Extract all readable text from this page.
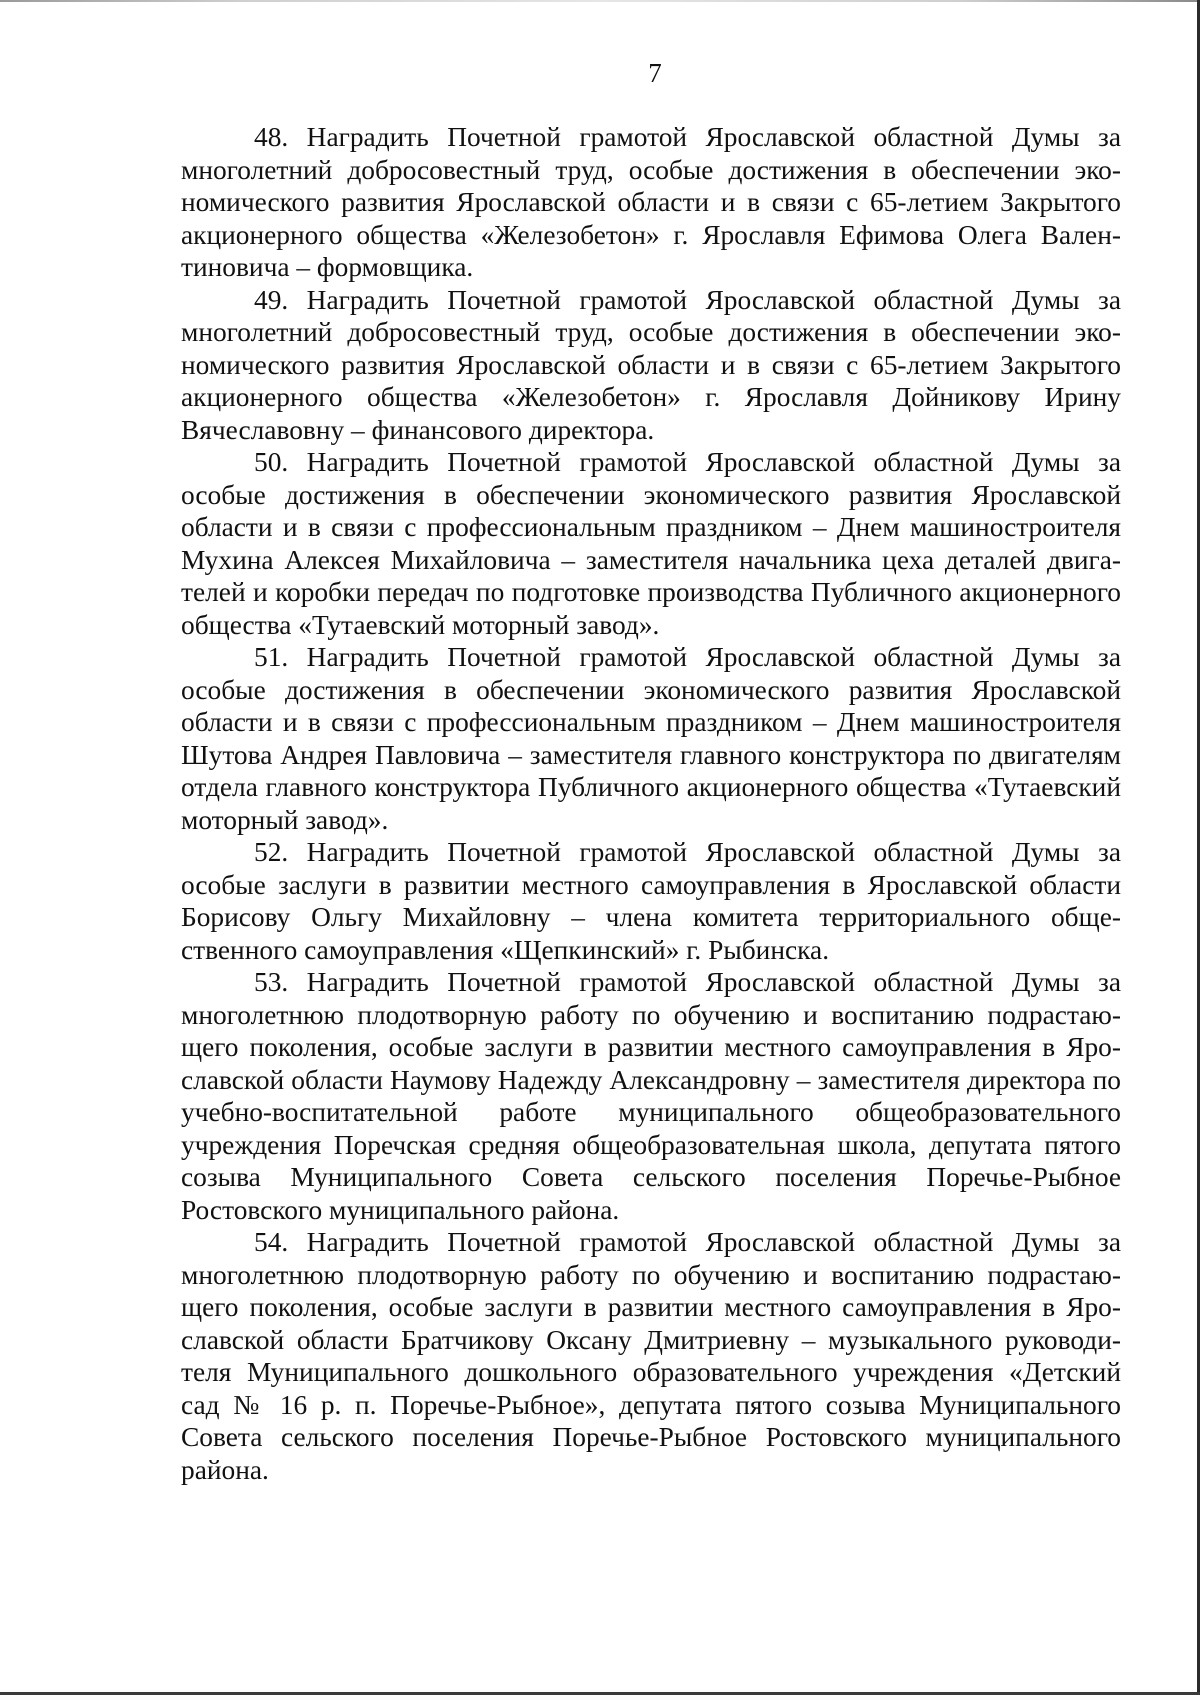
7

48. Наградить Почетной грамотой Ярославской областной Думы за многолетний добросовестный труд, особые достижения в обеспечении экономического развития Ярославской области и в связи с 65-летием Закрытого акционерного общества «Железобетон» г. Ярославля Ефимова Олега Валентиновича – формовщика.

49. Наградить Почетной грамотой Ярославской областной Думы за многолетний добросовестный труд, особые достижения в обеспечении экономического развития Ярославской области и в связи с 65-летием Закрытого акционерного общества «Железобетон» г. Ярославля Дойникову Ирину Вячеславовну – финансового директора.

50. Наградить Почетной грамотой Ярославской областной Думы за особые достижения в обеспечении экономического развития Ярославской области и в связи с профессиональным праздником – Днем машиностроителя Мухина Алексея Михайловича – заместителя начальника цеха деталей двигателей и коробки передач по подготовке производства Публичного акционерного общества «Тутаевский моторный завод».

51. Наградить Почетной грамотой Ярославской областной Думы за особые достижения в обеспечении экономического развития Ярославской области и в связи с профессиональным праздником – Днем машиностроителя Шутова Андрея Павловича – заместителя главного конструктора по двигателям отдела главного конструктора Публичного акционерного общества «Тутаевский моторный завод».

52. Наградить Почетной грамотой Ярославской областной Думы за особые заслуги в развитии местного самоуправления в Ярославской области Борисову Ольгу Михайловну – члена комитета территориального общественного самоуправления «Щепкинский» г. Рыбинска.

53. Наградить Почетной грамотой Ярославской областной Думы за многолетнюю плодотворную работу по обучению и воспитанию подрастающего поколения, особые заслуги в развитии местного самоуправления в Ярославской области Наумову Надежду Александровну – заместителя директора по учебно-воспитательной работе муниципального общеобразовательного учреждения Поречская средняя общеобразовательная школа, депутата пятого созыва Муниципального Совета сельского поселения Поречье-Рыбное Ростовского муниципального района.

54. Наградить Почетной грамотой Ярославской областной Думы за многолетнюю плодотворную работу по обучению и воспитанию подрастающего поколения, особые заслуги в развитии местного самоуправления в Ярославской области Братчикову Оксану Дмитриевну – музыкального руководителя Муниципального дошкольного образовательного учреждения «Детский сад № 16 р. п. Поречье-Рыбное», депутата пятого созыва Муниципального Совета сельского поселения Поречье-Рыбное Ростовского муниципального района.
